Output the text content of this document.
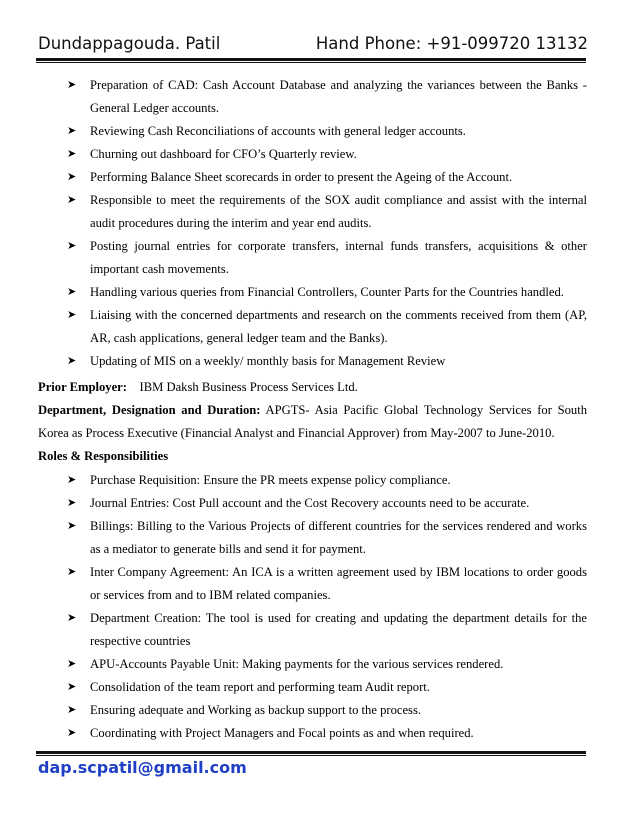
Dundappagouda. Patil	Hand Phone: +91-099720 13132
➤ Preparation of CAD: Cash Account Database and analyzing the variances between the Banks -General Ledger accounts.
➤ Reviewing Cash Reconciliations of accounts with general ledger accounts.
➤ Churning out dashboard for CFO’s Quarterly review.
➤ Performing Balance Sheet scorecards in order to present the Ageing of the Account.
➤ Responsible to meet the requirements of the SOX audit compliance and assist with the internal audit procedures during the interim and year end audits.
➤ Posting journal entries for corporate transfers, internal funds transfers, acquisitions & other important cash movements.
➤ Handling various queries from Financial Controllers, Counter Parts for the Countries handled.
➤ Liaising with the concerned departments and research on the comments received from them (AP, AR, cash applications, general ledger team and the Banks).
➤ Updating of MIS on a weekly/ monthly basis for Management Review
Prior Employer: IBM Daksh Business Process Services Ltd.
Department, Designation and Duration: APGTS- Asia Pacific Global Technology Services for South Korea as Process Executive (Financial Analyst and Financial Approver) from May-2007 to June-2010.
Roles & Responsibilities
➤ Purchase Requisition: Ensure the PR meets expense policy compliance.
➤ Journal Entries: Cost Pull account and the Cost Recovery accounts need to be accurate.
➤ Billings: Billing to the Various Projects of different countries for the services rendered and works as a mediator to generate bills and send it for payment.
➤ Inter Company Agreement: An ICA is a written agreement used by IBM locations to order goods or services from and to IBM related companies.
➤ Department Creation: The tool is used for creating and updating the department details for the respective countries
➤ APU-Accounts Payable Unit: Making payments for the various services rendered.
➤ Consolidation of the team report and performing team Audit report.
➤ Ensuring adequate and Working as backup support to the process.
➤ Coordinating with Project Managers and Focal points as and when required.
dap.scpatil@gmail.com
